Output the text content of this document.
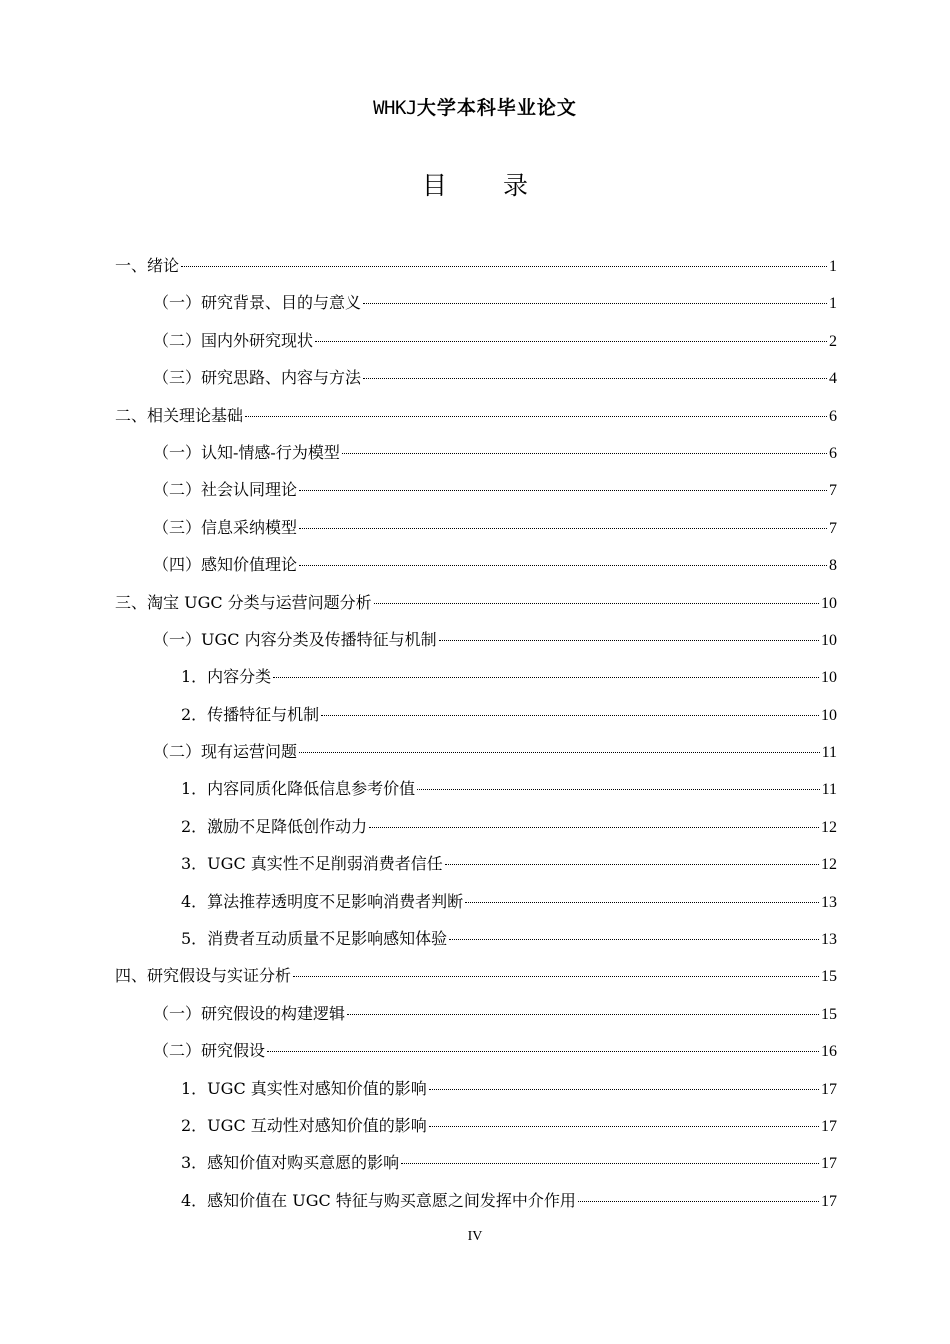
WHKJ大学本科毕业论文
目 录
一、绪论	1
（一）研究背景、目的与意义	1
（二）国内外研究现状	2
（三）研究思路、内容与方法	4
二、相关理论基础	6
（一）认知-情感-行为模型	6
（二）社会认同理论	7
（三）信息采纳模型	7
（四）感知价值理论	8
三、淘宝 UGC 分类与运营问题分析	10
（一）UGC 内容分类及传播特征与机制	10
1．内容分类	10
2．传播特征与机制	10
（二）现有运营问题	11
1．内容同质化降低信息参考价值	11
2．激励不足降低创作动力	12
3．UGC 真实性不足削弱消费者信任	12
4．算法推荐透明度不足影响消费者判断	13
5．消费者互动质量不足影响感知体验	13
四、研究假设与实证分析	15
（一）研究假设的构建逻辑	15
（二）研究假设	16
1．UGC 真实性对感知价值的影响	17
2．UGC 互动性对感知价值的影响	17
3．感知价值对购买意愿的影响	17
4．感知价值在 UGC 特征与购买意愿之间发挥中介作用	17
IV
